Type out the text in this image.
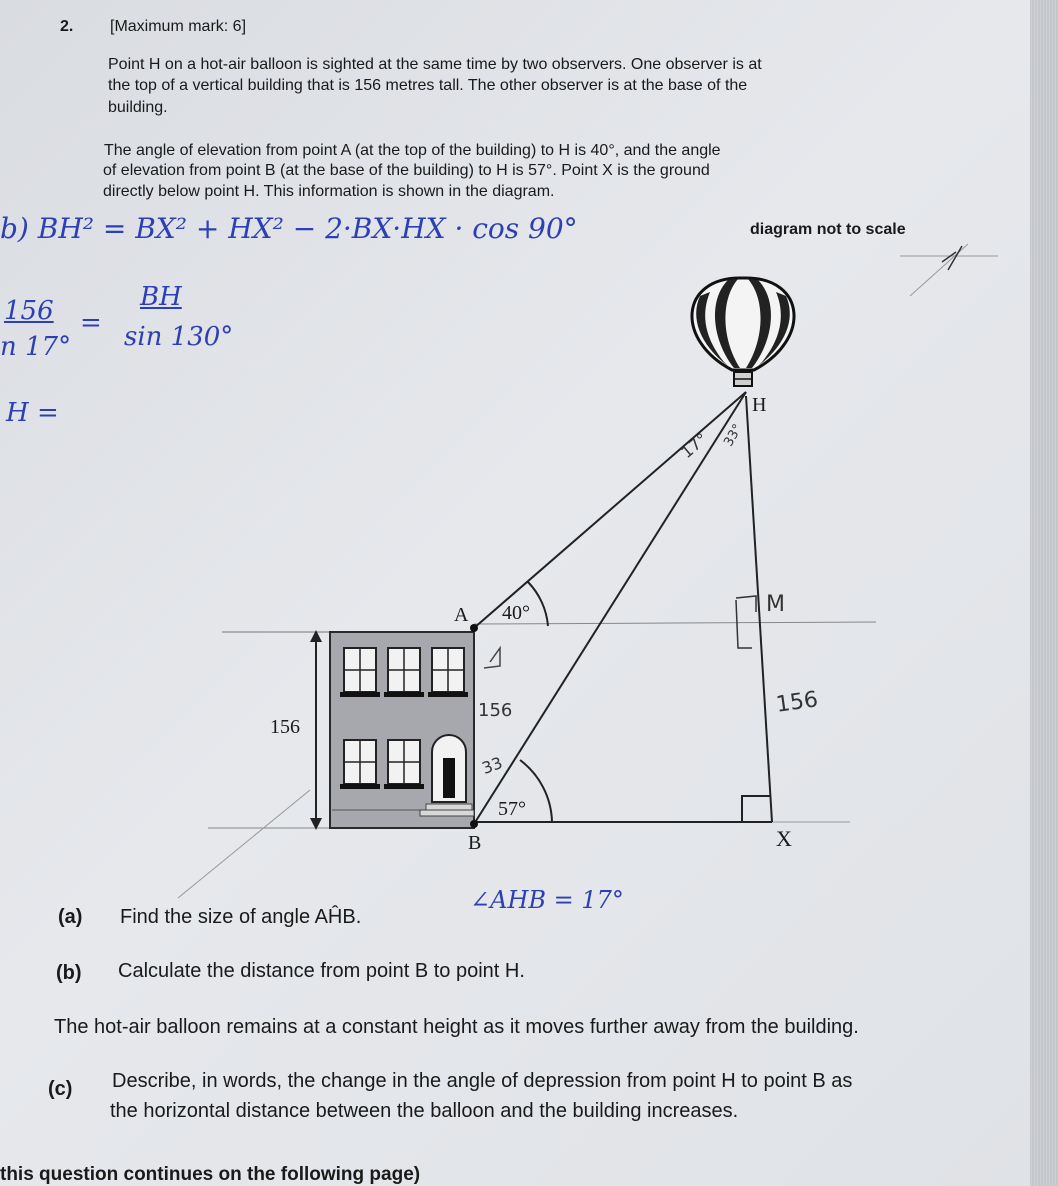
2. [Maximum mark: 6]
Point H on a hot-air balloon is sighted at the same time by two observers. One observer is at
the top of a vertical building that is 156 metres tall. The other observer is at the base of the
building.
The angle of elevation from point A (at the top of the building) to H is 40°, and the angle
of elevation from point B (at the base of the building) to H is 57°. Point X is the ground
directly below point H. This information is shown in the diagram.
diagram not to scale
H
A 40°
156
57°
B	X
b) BH² = BX² + HX² − 2·BX·HX · cos 90°
156
n 17°
=
BH
sin 130°
H =
17° 33°
M
156
156
33
(a) Find the size of angle AĤB.
∠AHB = 17°
(b) Calculate the distance from point B to point H.
The hot-air balloon remains at a constant height as it moves further away from the building.
(c) Describe, in words, the change in the angle of depression from point H to point B as
the horizontal distance between the balloon and the building increases.
this question continues on the following page)
